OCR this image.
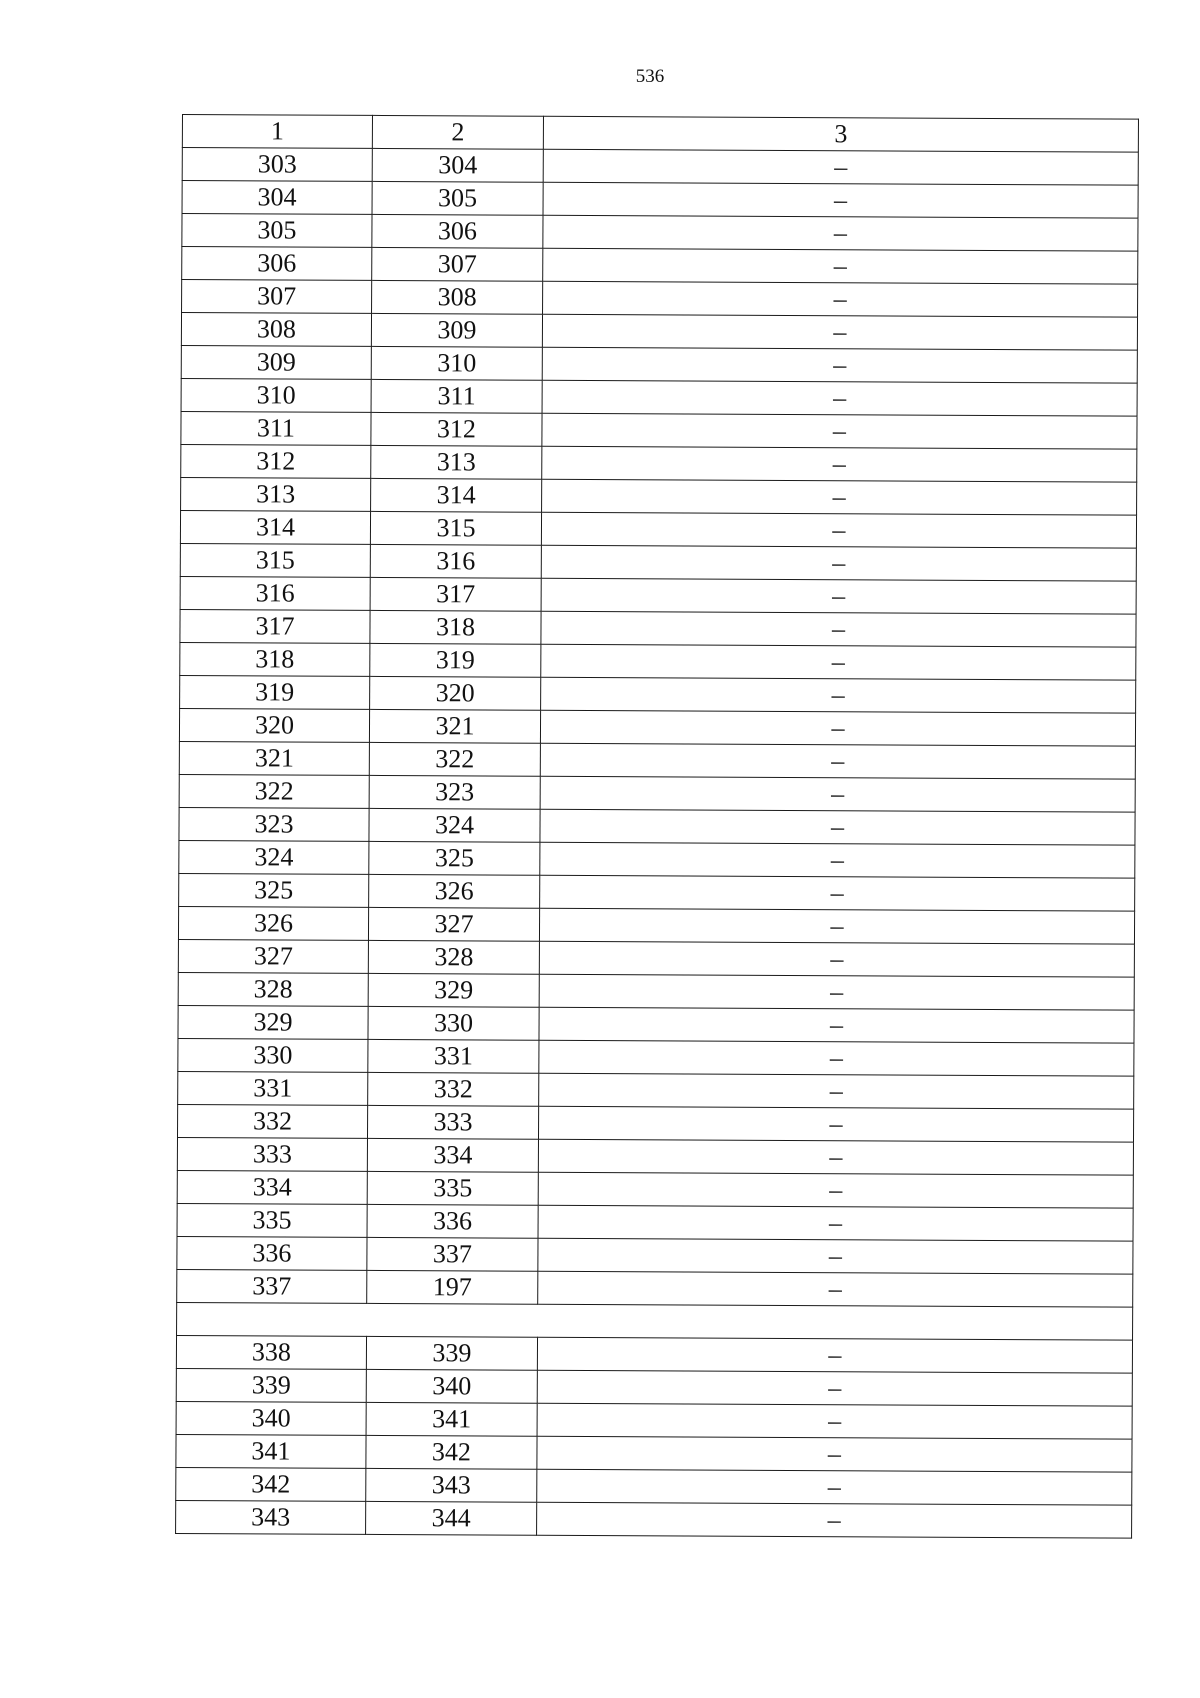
536
1	2	3
303	304	–
304	305	–
305	306	–
306	307	–
307	308	–
308	309	–
309	310	–
310	311	–
311	312	–
312	313	–
313	314	–
314	315	–
315	316	–
316	317	–
317	318	–
318	319	–
319	320	–
320	321	–
321	322	–
322	323	–
323	324	–
324	325	–
325	326	–
326	327	–
327	328	–
328	329	–
329	330	–
330	331	–
331	332	–
332	333	–
333	334	–
334	335	–
335	336	–
336	337	–
337	197	–

338	339	–
339	340	–
340	341	–
341	342	–
342	343	–
343	344	–
